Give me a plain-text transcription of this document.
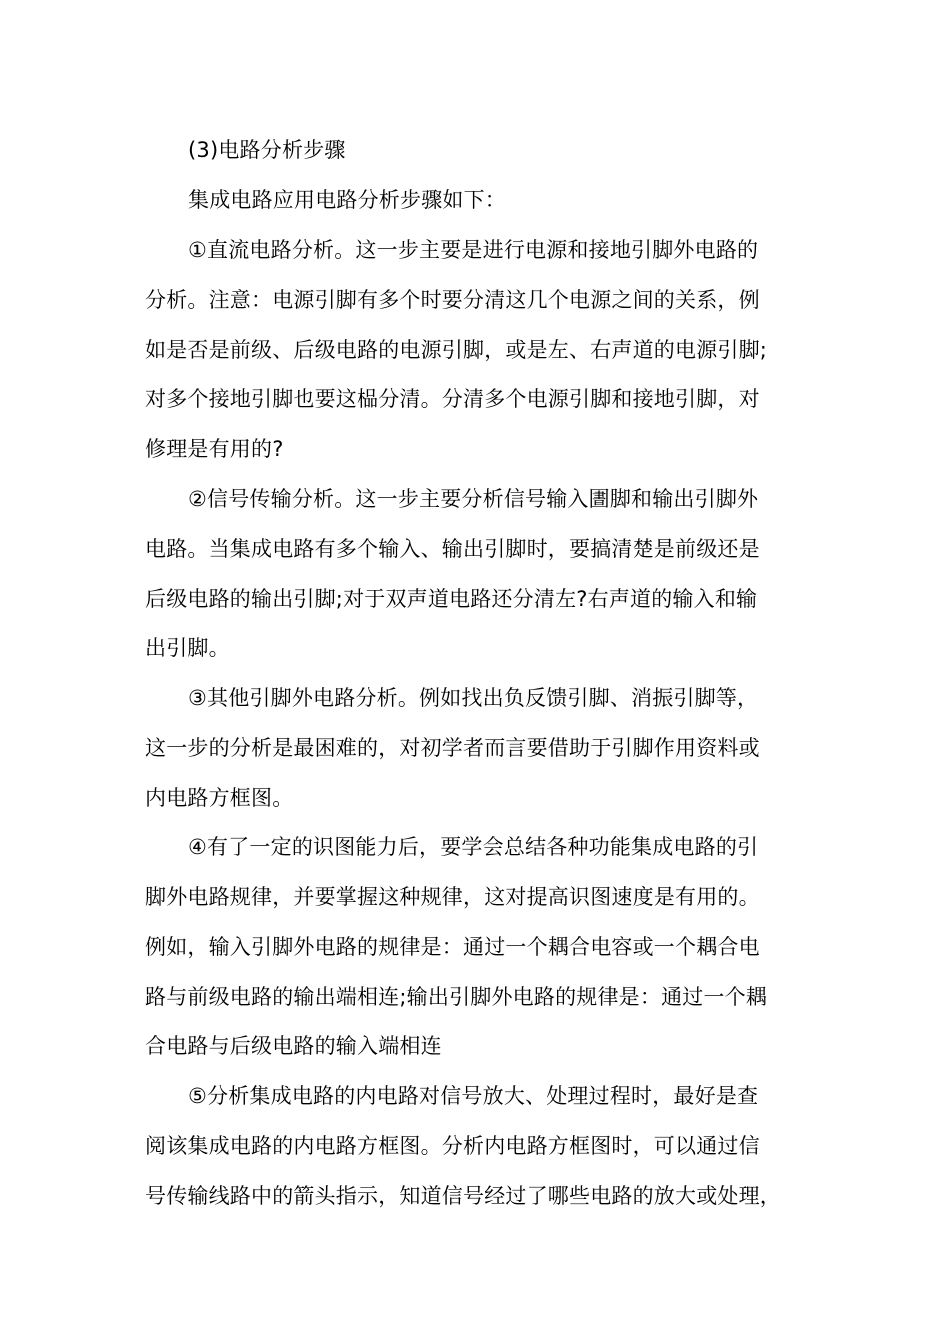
(3)电路分析步骤
集成电路应用电路分析步骤如下：
①直流电路分析。这一步主要是进行电源和接地引脚外电路的
分析。注意：电源引脚有多个时要分清这几个电源之间的关系，例
如是否是前级、后级电路的电源引脚，或是左、右声道的电源引脚;
对多个接地引脚也要这榀分清。分清多个电源引脚和接地引脚，对
修理是有用的?
②信号传输分析。这一步主要分析信号输入圕脚和输出引脚外
电路。当集成电路有多个输入、输出引脚时，要搞清楚是前级还是
后级电路的输出引脚;对于双声道电路还分清左?右声道的输入和输
出引脚。
③其他引脚外电路分析。例如找出负反馈引脚、消振引脚等，
这一步的分析是最困难的，对初学者而言要借助于引脚作用资料或
内电路方框图。
④有了一定的识图能力后，要学会总结各种功能集成电路的引
脚外电路规律，并要掌握这种规律，这对提高识图速度是有用的。
例如，输入引脚外电路的规律是：通过一个耦合电容或一个耦合电
路与前级电路的输出端相连;输出引脚外电路的规律是：通过一个耦
合电路与后级电路的输入端相连
⑤分析集成电路的内电路对信号放大、处理过程时，最好是查
阅该集成电路的内电路方框图。分析内电路方框图时，可以通过信
号传输线路中的箭头指示，知道信号经过了哪些电路的放大或处理，
